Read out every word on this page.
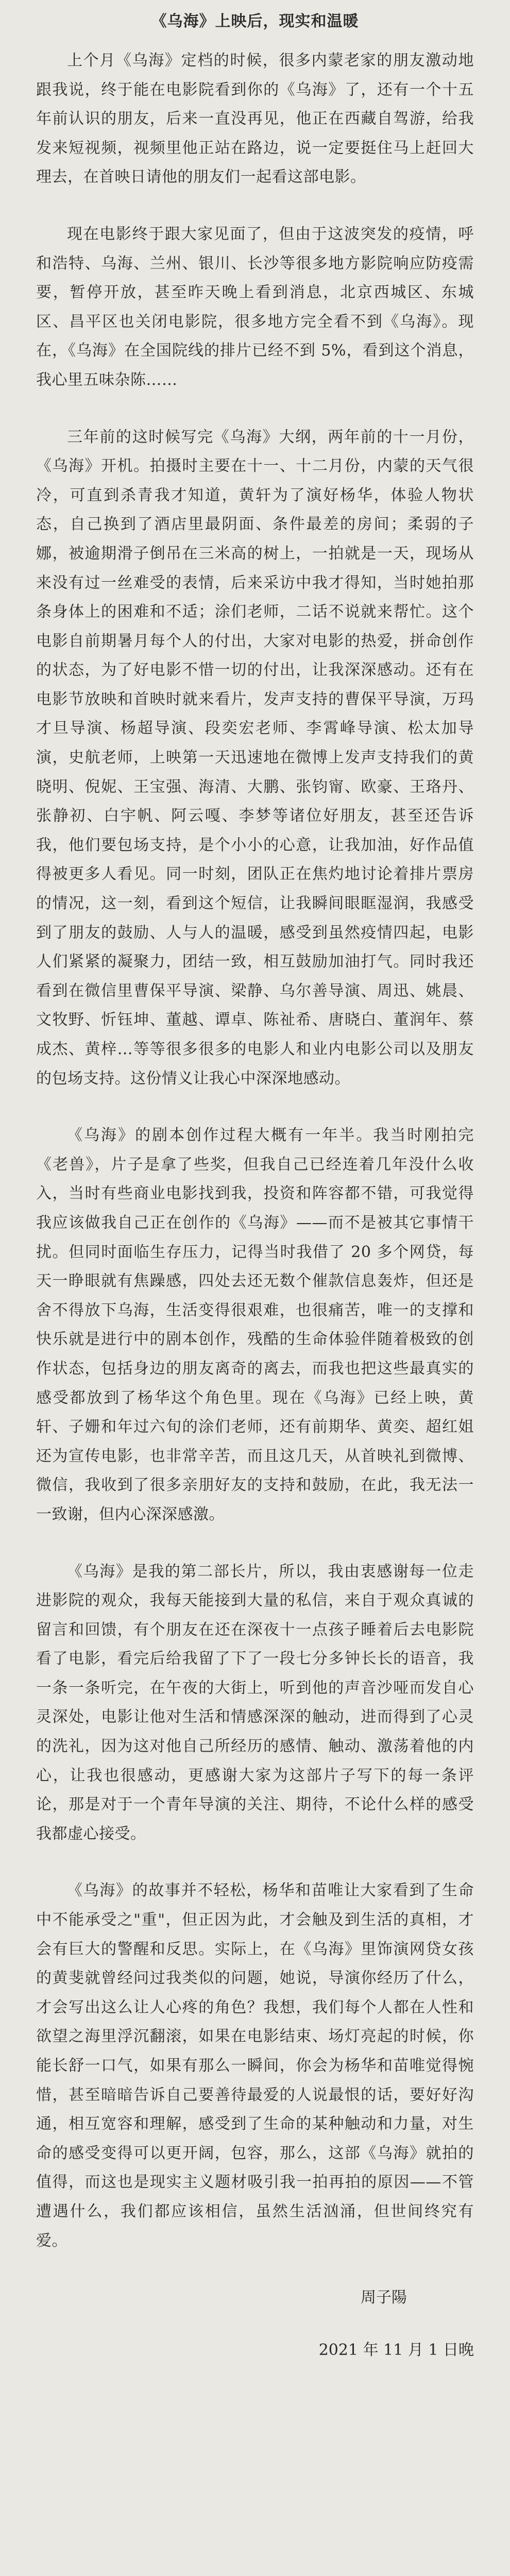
《乌海》上映后，现实和温暖

上个月《乌海》定档的时候，很多内蒙老家的朋友激动地跟我说，终于能在电影院看到你的《乌海》了，还有一个十五年前认识的朋友，后来一直没再见，他正在西藏自驾游，给我发来短视频，视频里他正站在路边，说一定要挺住马上赶回大理去，在首映日请他的朋友们一起看这部电影。

现在电影终于跟大家见面了，但由于这波突发的疫情，呼和浩特、乌海、兰州、银川、长沙等很多地方影院响应防疫需要，暂停开放，甚至昨天晚上看到消息，北京西城区、东城区、昌平区也关闭电影院，很多地方完全看不到《乌海》。现在，《乌海》在全国院线的排片已经不到 5%，看到这个消息，我心里五味杂陈……

三年前的这时候写完《乌海》大纲，两年前的十一月份，《乌海》开机。拍摄时主要在十一、十二月份，内蒙的天气很冷，可直到杀青我才知道，黄轩为了演好杨华，体验人物状态，自己换到了酒店里最阴面、条件最差的房间；柔弱的子娜，被逾期滑子倒吊在三米高的树上，一拍就是一天，现场从来没有过一丝难受的表情，后来采访中我才得知，当时她拍那条身体上的困难和不适；涂们老师，二话不说就来帮忙。这个电影自前期暑月每个人的付出，大家对电影的热爱，拼命创作的状态，为了好电影不惜一切的付出，让我深深感动。还有在电影节放映和首映时就来看片，发声支持的曹保平导演，万玛才旦导演、杨超导演、段奕宏老师、李霄峰导演、松太加导演，史航老师，上映第一天迅速地在微博上发声支持我们的黄晓明、倪妮、王宝强、海清、大鹏、张钧甯、欧豪、王珞丹、张静初、白宇帆、阿云嘎、李梦等诸位好朋友，甚至还告诉我，他们要包场支持，是个小小的心意，让我加油，好作品值得被更多人看见。同一时刻，团队正在焦灼地讨论着排片票房的情况，这一刻，看到这个短信，让我瞬间眼眶湿润，我感受到了朋友的鼓励、人与人的温暖，感受到虽然疫情四起，电影人们紧紧的凝聚力，团结一致，相互鼓励加油打气。同时我还看到在微信里曹保平导演、梁静、乌尔善导演、周迅、姚晨、文牧野、忻钰坤、董越、谭卓、陈祉希、唐晓白、董润年、蔡成杰、黄梓…等等很多很多的电影人和业内电影公司以及朋友的包场支持。这份情义让我心中深深地感动。

《乌海》的剧本创作过程大概有一年半。我当时刚拍完《老兽》，片子是拿了些奖，但我自己已经连着几年没什么收入，当时有些商业电影找到我，投资和阵容都不错，可我觉得我应该做我自己正在创作的《乌海》——而不是被其它事情干扰。但同时面临生存压力，记得当时我借了 20 多个网贷，每天一睁眼就有焦躁感，四处去还无数个催款信息轰炸，但还是舍不得放下乌海，生活变得很艰难，也很痛苦，唯一的支撑和快乐就是进行中的剧本创作，残酷的生命体验伴随着极致的创作状态，包括身边的朋友离奇的离去，而我也把这些最真实的感受都放到了杨华这个角色里。现在《乌海》已经上映，黄轩、子姗和年过六旬的涂们老师，还有前期华、黄奕、超红姐还为宣传电影，也非常辛苦，而且这几天，从首映礼到微博、微信，我收到了很多亲朋好友的支持和鼓励，在此，我无法一一致谢，但内心深深感激。

《乌海》是我的第二部长片，所以，我由衷感谢每一位走进影院的观众，我每天能接到大量的私信，来自于观众真诚的留言和回馈，有个朋友在还在深夜十一点孩子睡着后去电影院看了电影，看完后给我留了下了一段七分多钟长长的语音，我一条一条听完，在午夜的大街上，听到他的声音沙哑而发自心灵深处，电影让他对生活和情感深深的触动，进而得到了心灵的洗礼，因为这对他自己所经历的感情、触动、激荡着他的内心，让我也很感动，更感谢大家为这部片子写下的每一条评论，那是对于一个青年导演的关注、期待，不论什么样的感受我都虚心接受。

《乌海》的故事并不轻松，杨华和苗唯让大家看到了生命中不能承受之"重"，但正因为此，才会触及到生活的真相，才会有巨大的警醒和反思。实际上，在《乌海》里饰演网贷女孩的黄斐就曾经问过我类似的问题，她说，导演你经历了什么，才会写出这么让人心疼的角色？我想，我们每个人都在人性和欲望之海里浮沉翻滚，如果在电影结束、场灯亮起的时候，你能长舒一口气，如果有那么一瞬间，你会为杨华和苗唯觉得惋惜，甚至暗暗告诉自己要善待最爱的人说最恨的话，要好好沟通，相互宽容和理解，感受到了生命的某种触动和力量，对生命的感受变得可以更开阔，包容，那么，这部《乌海》就拍的值得，而这也是现实主义题材吸引我一拍再拍的原因——不管遭遇什么，我们都应该相信，虽然生活汹涌，但世间终究有爱。

周子陽

2021 年 11 月 1 日晚
